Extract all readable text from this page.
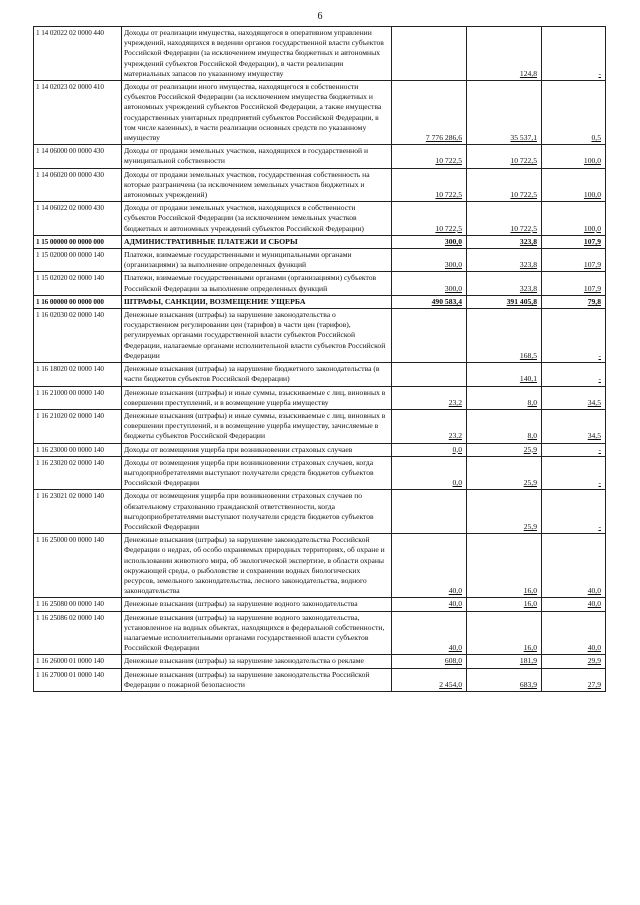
6
1 14 02022 02 0000 440	Доходы от реализации имущества, находящегося в оперативном управлении учреждений, находящихся в ведении органов государственной власти субъектов Российской Федерации (за исключением имущества бюджетных и автономных учреждений субъектов Российской Федерации), в части реализации материальных запасов по указанному имуществу		124,8	-
1 14 02023 02 0000 410	Доходы от реализации иного имущества, находящегося в собственности субъектов Российской Федерации (за исключением имущества бюджетных и автономных учреждений субъектов Российской Федерации, а также имущества государственных унитарных предприятий субъектов Российской Федерации, в том числе казенных), в части реализации основных средств по указанному имуществу	7 776 286,6	35 537,1	0,5
1 14 06000 00 0000 430	Доходы от продажи земельных участков, находящихся в государственной и муниципальной собственности	10 722,5	10 722,5	100,0
1 14 06020 00 0000 430	Доходы от продажи земельных участков, государственная собственность на которые разграничена (за исключением земельных участков бюджетных и автономных учреждений)	10 722,5	10 722,5	100,0
1 14 06022 02 0000 430	Доходы от продажи земельных участков, находящихся в собственности субъектов Российской Федерации (за исключением земельных участков бюджетных и автономных учреждений субъектов Российской Федерации)	10 722,5	10 722,5	100,0
1 15 00000 00 0000 000	АДМИНИСТРАТИВНЫЕ ПЛАТЕЖИ И СБОРЫ	300,0	323,8	107,9
1 15 02000 00 0000 140	Платежи, взимаемые государственными и муниципальными органами (организациями) за выполнение определенных функций	300,0	323,8	107,9
1 15 02020 02 0000 140	Платежи, взимаемые государственными органами (организациями) субъектов Российской Федерации за выполнение определенных функций	300,0	323,8	107,9
1 16 00000 00 0000 000	ШТРАФЫ, САНКЦИИ, ВОЗМЕЩЕНИЕ УЩЕРБА	490 583,4	391 405,8	79,8
1 16 02030 02 0000 140	Денежные взыскания (штрафы) за нарушение законодательства о государственном регулировании цен (тарифов) в части цен (тарифов), регулируемых органами государственной власти субъектов Российской Федерации, налагаемые органами исполнительной власти субъектов Российской Федерации		168,5	-
1 16 18020 02 0000 140	Денежные взыскания (штрафы) за нарушение бюджетного законодательства (в части бюджетов субъектов Российской Федерации)		140,1	-
1 16 21000 00 0000 140	Денежные взыскания (штрафы) и иные суммы, взыскиваемые с лиц, виновных в совершении преступлений, и в возмещение ущерба имуществу	23,2	8,0	34,5
1 16 21020 02 0000 140	Денежные взыскания (штрафы) и иные суммы, взыскиваемые с лиц, виновных в совершении преступлений, и в возмещение ущерба имуществу, зачисляемые в бюджеты субъектов Российской Федерации	23,2	8,0	34,5
1 16 23000 00 0000 140	Доходы от возмещения ущерба при возникновении страховых случаев	0,0	25,9	-
1 16 23020 02 0000 140	Доходы от возмещения ущерба при возникновении страховых случаев, когда выгодоприобретателями выступают получатели средств бюджетов субъектов Российской Федерации	0,0	25,9	-
1 16 23021 02 0000 140	Доходы от возмещения ущерба при возникновении страховых случаев по обязательному страхованию гражданской ответственности, когда выгодоприобретателями выступают получатели средств бюджетов субъектов Российской Федерации		25,9	-
1 16 25000 00 0000 140	Денежные взыскания (штрафы) за нарушение законодательства Российской Федерации о недрах, об особо охраняемых природных территориях, об охране и использовании животного мира, об экологической экспертизе, в области охраны окружающей среды, о рыболовстве и сохранении водных биологических ресурсов, земельного законодательства, лесного законодательства, водного законодательства	40,0	16,0	40,0
1 16 25080 00 0000 140	Денежные взыскания (штрафы) за нарушение водного законодательства	40,0	16,0	40,0
1 16 25086 02 0000 140	Денежные взыскания (штрафы) за нарушение водного законодательства, установленное на водных объектах, находящихся в федеральной собственности, налагаемые исполнительными органами государственной власти субъектов Российской Федерации	40,0	16,0	40,0
1 16 26000 01 0000 140	Денежные взыскания (штрафы) за нарушение законодательства о рекламе	608,0	181,9	29,9
1 16 27000 01 0000 140	Денежные взыскания (штрафы) за нарушение законодательства Российской Федерации о пожарной безопасности	2 454,0	683,9	27,9
